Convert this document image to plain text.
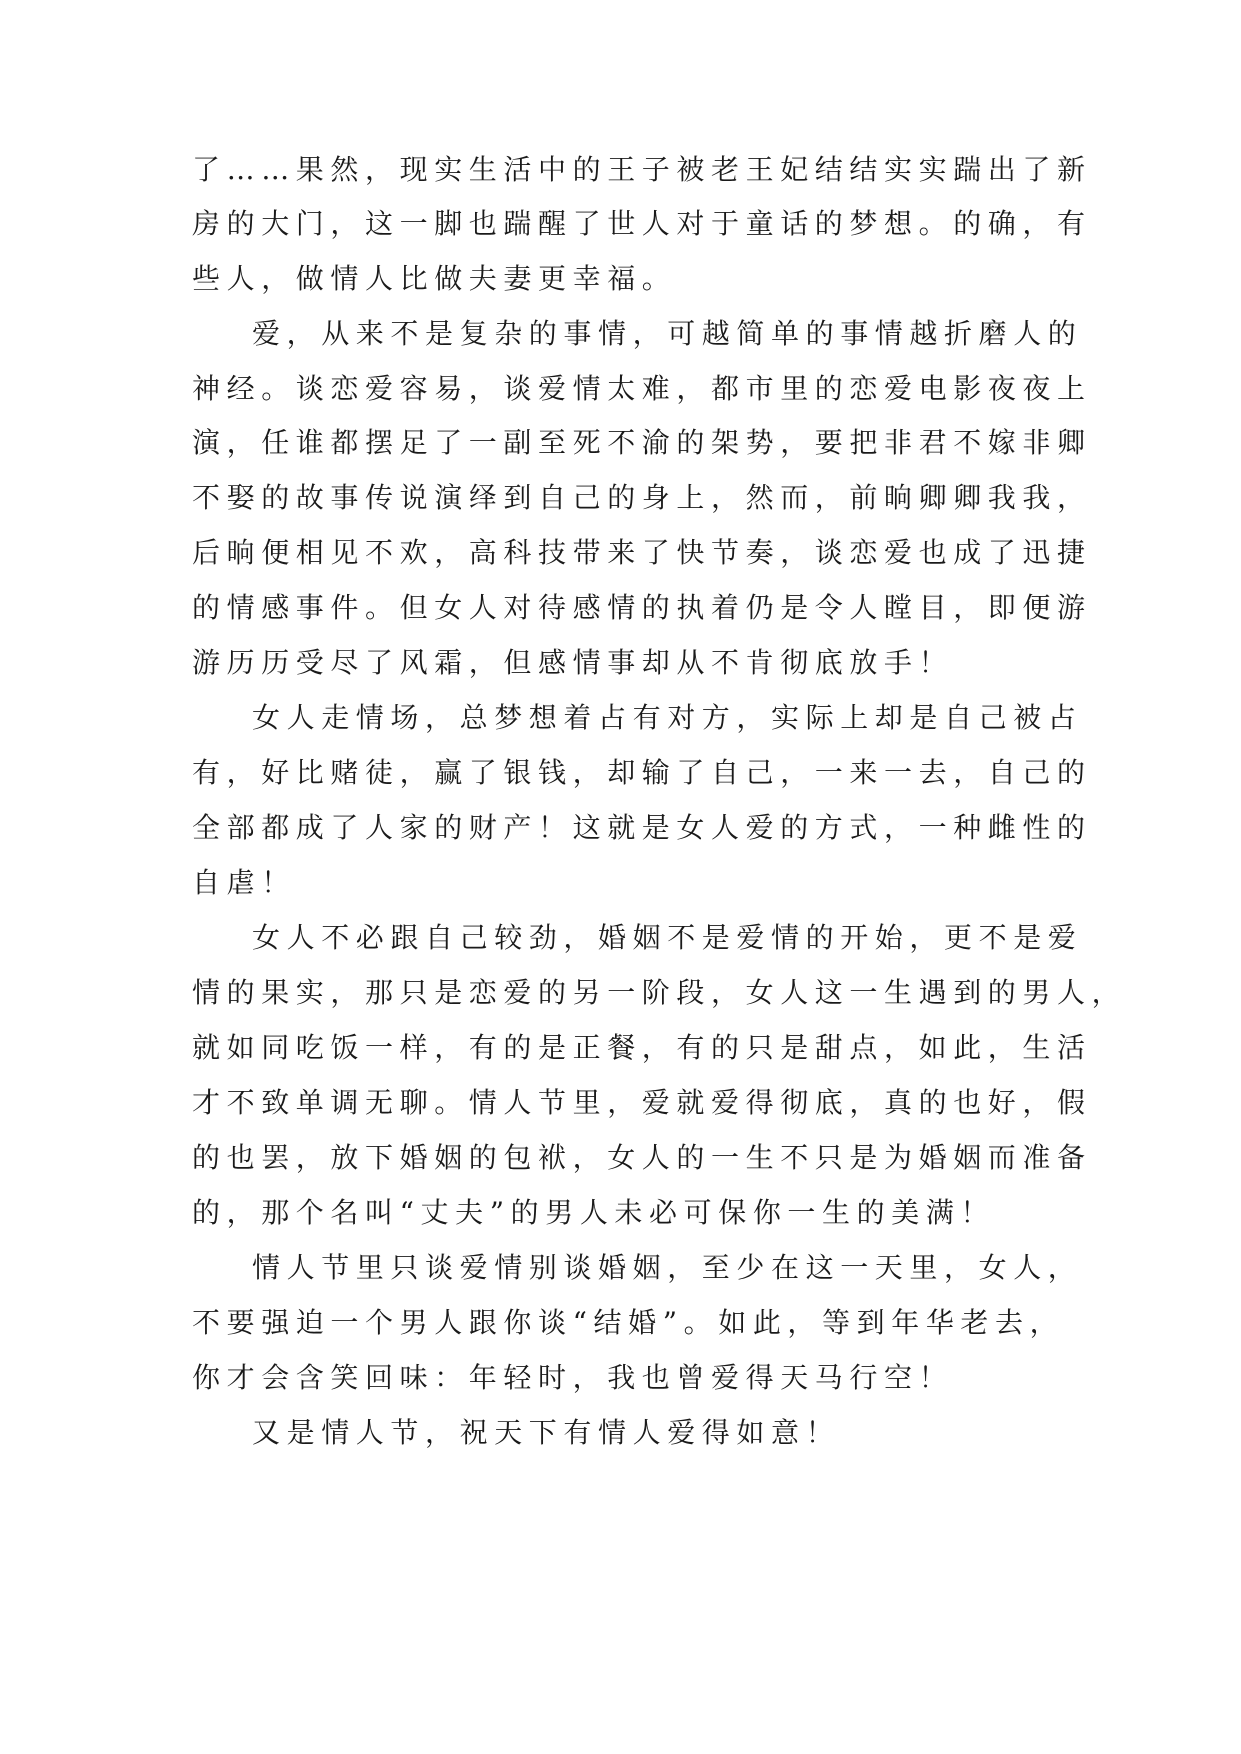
了……果然，现实生活中的王子被老王妃结结实实踹出了新
房的大门，这一脚也踹醒了世人对于童话的梦想。的确，有
些人，做情人比做夫妻更幸福。
爱，从来不是复杂的事情，可越简单的事情越折磨人的
神经。谈恋爱容易，谈爱情太难，都市里的恋爱电影夜夜上
演，任谁都摆足了一副至死不渝的架势，要把非君不嫁非卿
不娶的故事传说演绎到自己的身上，然而，前晌卿卿我我，
后晌便相见不欢，高科技带来了快节奏，谈恋爱也成了迅捷
的情感事件。但女人对待感情的执着仍是令人瞠目，即便游
游历历受尽了风霜，但感情事却从不肯彻底放手！
女人走情场，总梦想着占有对方，实际上却是自己被占
有，好比赌徒，赢了银钱，却输了自己，一来一去，自己的
全部都成了人家的财产！这就是女人爱的方式，一种雌性的
自虐！
女人不必跟自己较劲，婚姻不是爱情的开始，更不是爱
情的果实，那只是恋爱的另一阶段，女人这一生遇到的男人，
就如同吃饭一样，有的是正餐，有的只是甜点，如此，生活
才不致单调无聊。情人节里，爱就爱得彻底，真的也好，假
的也罢，放下婚姻的包袱，女人的一生不只是为婚姻而准备
的，那个名叫“丈夫”的男人未必可保你一生的美满！
情人节里只谈爱情别谈婚姻，至少在这一天里，女人，
不要强迫一个男人跟你谈“结婚”。如此，等到年华老去，
你才会含笑回味：年轻时，我也曾爱得天马行空！
又是情人节，祝天下有情人爱得如意！
